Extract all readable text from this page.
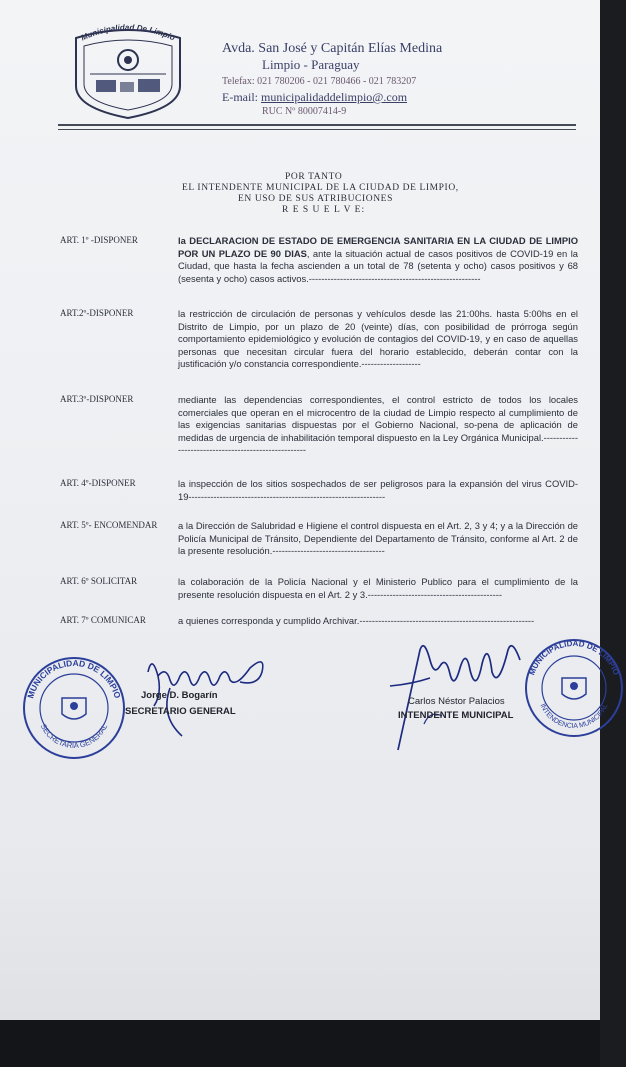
Municipalidad De Limpio
Avda. San José y Capitán Elías Medina
Limpio - Paraguay
Telefax: 021 780206 - 021 780466 - 021 783207
E-mail: municipalidaddelimpio@.com
RUC Nº 80007414-9
POR TANTO
EL INTENDENTE MUNICIPAL DE LA CIUDAD DE LIMPIO,
EN USO DE SUS ATRIBUCIONES
R E S U E L V E:
ART. 1º -DISPONER	la DECLARACION DE ESTADO DE EMERGENCIA SANITARIA EN LA CIUDAD DE LIMPIO POR UN PLAZO DE 90 DIAS, ante la situación actual de casos positivos de COVID-19 en la Ciudad, que hasta la fecha ascienden a un total de 78 (setenta y ocho) casos positivos y 68 (sesenta y ocho) casos activos.-------------------------------------------------------
ART.2º-DISPONER	la restricción de circulación de personas y vehículos desde las 21:00hs. hasta 5:00hs en el Distrito de Limpio, por un plazo de 20 (veinte) días, con posibilidad de prórroga según comportamiento epidemiológico y evolución de contagios del COVID-19, y en caso de aquellas personas que necesitan circular fuera del horario establecido, deberán contar con la justificación y/o constancia correspondiente.-------------------
ART.3º-DISPONER	mediante las dependencias correspondientes, el control estricto de todos los locales comerciales que operan en el microcentro de la ciudad de Limpio respecto al cumplimiento de las exigencias sanitarias dispuestas por el Gobierno Nacional, so-pena de aplicación de medidas de urgencia de inhabilitación temporal dispuesto en la Ley Orgánica Municipal.----------------------------------------------------
ART. 4º-DISPONER	la inspección de los sitios sospechados de ser peligrosos para la expansión del virus COVID-19---------------------------------------------------------------
ART. 5º- ENCOMENDAR a la Dirección de Salubridad e Higiene el control dispuesta en el Art. 2, 3 y 4; y a la Dirección de Policía Municipal de Tránsito, Dependiente del Departamento de Tránsito, conforme al Art. 2 de la presente resolución.------------------------------------
ART. 6º SOLICITAR	la colaboración de la Policía Nacional y el Ministerio Publico para el cumplimiento de la presente resolución dispuesta en el Art. 2 y 3.-------------------------------------------
ART. 7º COMUNICAR	a quienes corresponda y cumplido Archivar.--------------------------------------------------------
MUNICIPALIDAD DE LIMPIO
SECRETARÍA GENERAL
Jorge D. Bogarín
SECRETARIO GENERAL
Carlos Néstor Palacios
INTENDENTE MUNICIPAL
MUNICIPALIDAD DE LIMPIO
INTENDENCIA MUNICIPAL
